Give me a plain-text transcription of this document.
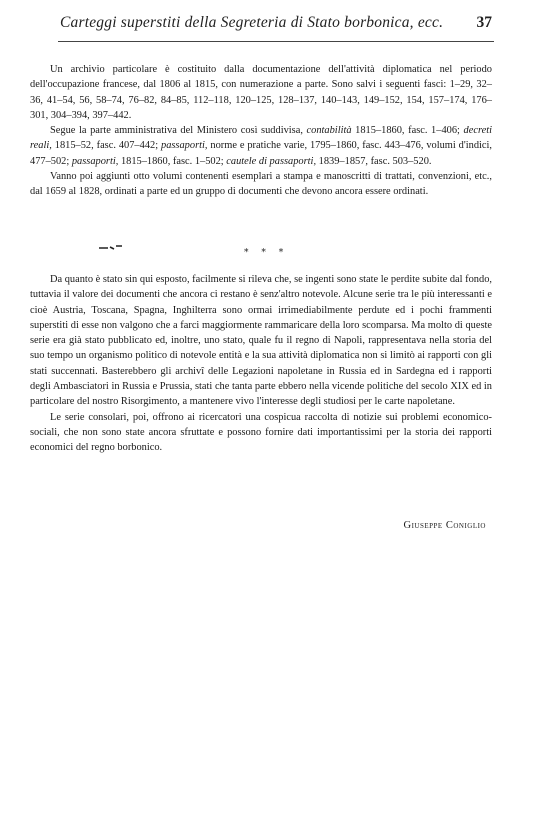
Carteggi superstiti della Segreteria di Stato borbonica, ecc. 37

Un archivio particolare è costituito dalla documentazione dell'attività diplomatica nel periodo dell'occupazione francese, dal 1806 al 1815, con numerazione a parte. Sono salvi i seguenti fasci: 1–29, 32–36, 41–54, 56, 58–74, 76–82, 84–85, 112–118, 120–125, 128–137, 140–143, 149–152, 154, 157–174, 176–301, 304–394, 397–442.

Segue la parte amministrativa del Ministero così suddivisa, contabilità 1815–1860, fasc. 1–406; decreti reali, 1815–52, fasc. 407–442; passaporti, norme e pratiche varie, 1795–1860, fasc. 443–476, volumi d'indici, 477–502; passaporti, 1815–1860, fasc. 1–502; cautele di passaporti, 1839–1857, fasc. 503–520.

Vanno poi aggiunti otto volumi contenenti esemplari a stampa e manoscritti di trattati, convenzioni, etc., dal 1659 al 1828, ordinati a parte ed un gruppo di documenti che devono ancora essere ordinati.

* * *

Da quanto è stato sin qui esposto, facilmente si rileva che, se ingenti sono state le perdite subite dal fondo, tuttavia il valore dei documenti che ancora ci restano è senz'altro notevole. Alcune serie tra le più interessanti e cioè Austria, Toscana, Spagna, Inghilterra sono ormai irrimediabilmente perdute ed i pochi frammenti superstiti di esse non valgono che a farci maggiormente rammaricare della loro scomparsa. Ma molto di queste serie era già stato pubblicato ed, inoltre, uno stato, quale fu il regno di Napoli, rappresentava nella storia del suo tempo un organismo politico di notevole entità e la sua attività diplomatica non si limitò ai rapporti con gli stati succennati. Basterebbero gli archivî delle Legazioni napoletane in Russia ed in Sardegna ed i rapporti degli Ambasciatori in Russia e Prussia, stati che tanta parte ebbero nella vicende politiche del secolo XIX ed in particolare del nostro Risorgimento, a mantenere vivo l'interesse degli studiosi per le carte napoletane.

Le serie consolari, poi, offrono ai ricercatori una cospicua raccolta di notizie sui problemi economico-sociali, che non sono state ancora sfruttate e possono fornire dati importantissimi per la storia dei rapporti economici del regno borbonico.

Giuseppe Coniglio
